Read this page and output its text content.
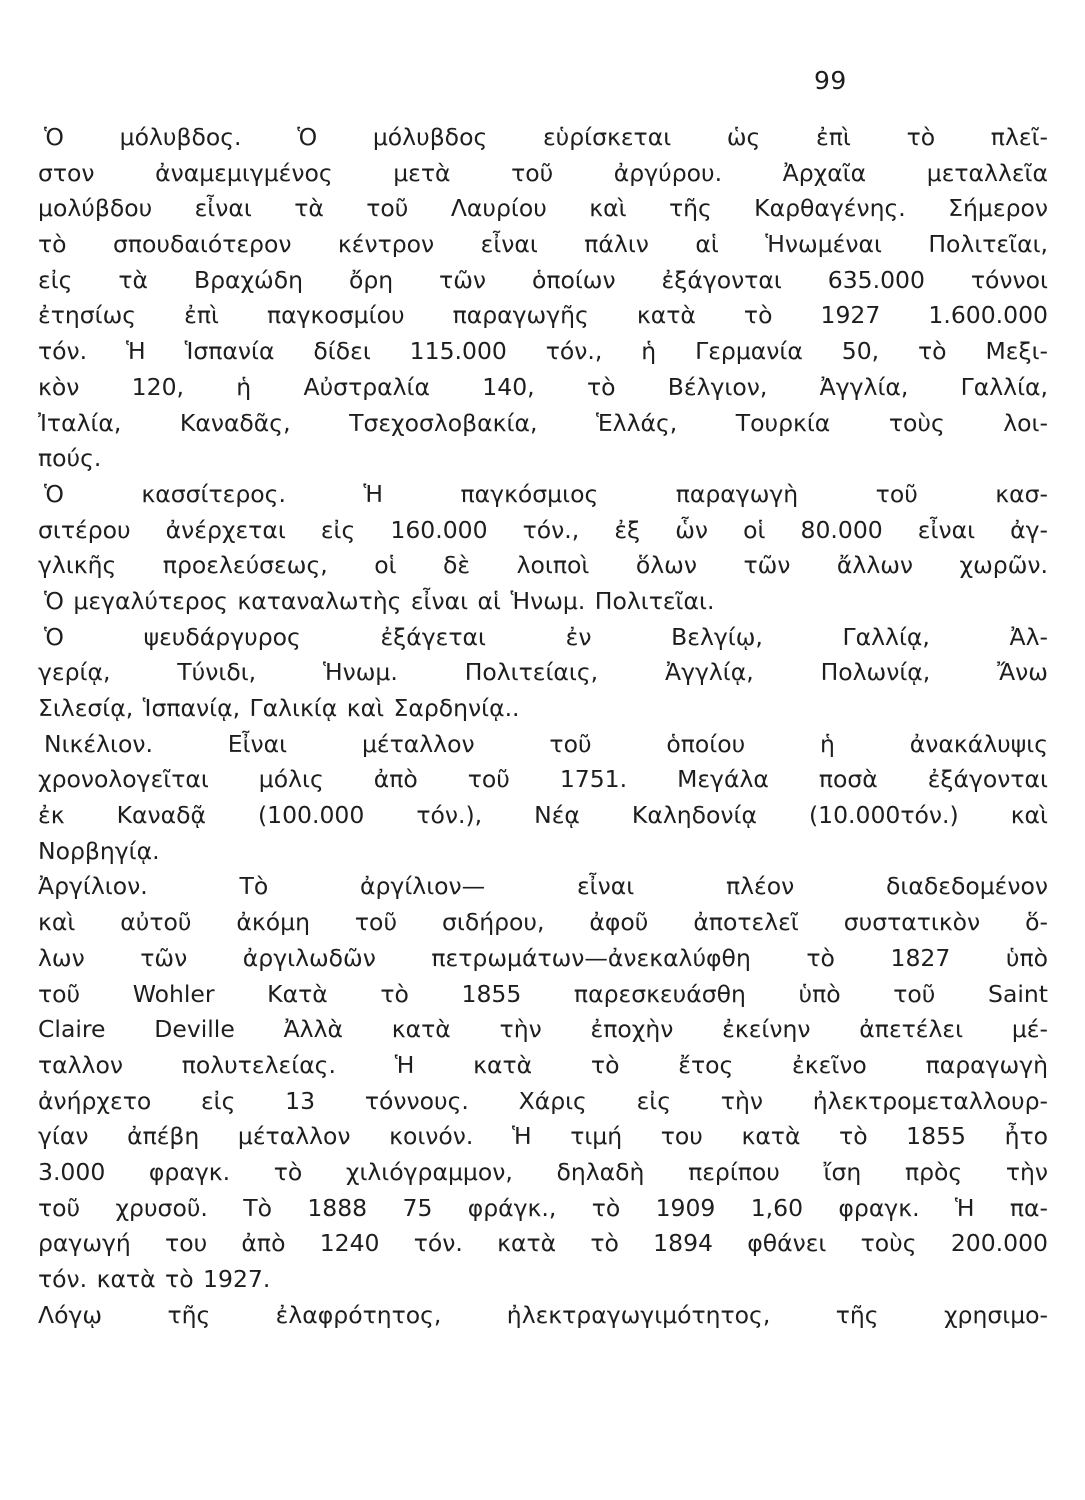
99
Ὁ μόλυβδος. Ὁ μόλυβδος εὑρίσκεται ὡς ἐπὶ τὸ πλεῖ-
στον ἀναμεμιγμένος μετὰ τοῦ ἀργύρου. Ἀρχαῖα μεταλλεῖα
μολύβδου εἶναι τὰ τοῦ Λαυρίου καὶ τῆς Καρθαγένης. Σήμερον
τὸ σπουδαιότερον κέντρον εἶναι πάλιν αἱ Ἡνωμέναι Πολιτεῖαι,
εἰς τὰ Βραχώδη ὄρη τῶν ὁποίων ἐξάγονται 635.000 τόννοι
ἐτησίως ἐπὶ παγκοσμίου παραγωγῆς κατὰ τὸ 1927 1.600.000
τόν. Ἡ Ἱσπανία δίδει 115.000 τόν., ἡ Γερμανία 50, τὸ Μεξι-
κὸν 120, ἡ Αὐστραλία 140, τὸ Βέλγιον, Ἀγγλία, Γαλλία,
Ἰταλία, Καναδᾶς, Τσεχοσλοβακία, Ἑλλάς, Τουρκία τοὺς λοι-
πούς.
Ὁ κασσίτερος. Ἡ παγκόσμιος παραγωγὴ τοῦ κασ-
σιτέρου ἀνέρχεται εἰς 160.000 τόν., ἐξ ὧν οἱ 80.000 εἶναι ἀγ-
γλικῆς προελεύσεως, οἱ δὲ λοιποὶ ὅλων τῶν ἄλλων χωρῶν.
Ὁ μεγαλύτερος καταναλωτὴς εἶναι αἱ Ἡνωμ. Πολιτεῖαι.
Ὁ ψευδάργυρος ἐξάγεται ἐν Βελγίῳ, Γαλλίᾳ, Ἀλ-
γερίᾳ, Τύνιδι, Ἡνωμ. Πολιτείαις, Ἀγγλίᾳ, Πολωνίᾳ, Ἄνω
Σιλεσίᾳ, Ἱσπανίᾳ, Γαλικίᾳ καὶ Σαρδηνίᾳ..
Νικέλιον. Εἶναι μέταλλον τοῦ ὁποίου ἡ ἀνακάλυψις
χρονολογεῖται μόλις ἀπὸ τοῦ 1751. Μεγάλα ποσὰ ἐξάγονται
ἐκ Καναδᾷ (100.000 τόν.), Νέᾳ Καληδονίᾳ (10.000τόν.) καὶ
Νορβηγίᾳ.
Ἀργίλιον. Τὸ ἀργίλιον— εἶναι πλέον διαδεδομένον
καὶ αὐτοῦ ἀκόμη τοῦ σιδήρου, ἀφοῦ ἀποτελεῖ συστατικὸν ὅ-
λων τῶν ἀργιλωδῶν πετρωμάτων—ἀνεκαλύφθη τὸ 1827 ὑπὸ
τοῦ Wohler Κατὰ τὸ 1855 παρεσκευάσθη ὑπὸ τοῦ Saint
Claire Deville Ἀλλὰ κατὰ τὴν ἐποχὴν ἐκείνην ἀπετέλει μέ-
ταλλον πολυτελείας. Ἡ κατὰ τὸ ἔτος ἐκεῖνο παραγωγὴ
ἀνήρχετο εἰς 13 τόννους. Χάρις εἰς τὴν ἠλεκτρομεταλλουρ-
γίαν ἀπέβη μέταλλον κοινόν. Ἡ τιμή του κατὰ τὸ 1855 ἦτο
3.000 φραγκ. τὸ χιλιόγραμμον, δηλαδὴ περίπου ἴση πρὸς τὴν
τοῦ χρυσοῦ. Τὸ 1888 75 φράγκ., τὸ 1909 1,60 φραγκ. Ἡ πα-
ραγωγή του ἀπὸ 1240 τόν. κατὰ τὸ 1894 φθάνει τοὺς 200.000
τόν. κατὰ τὸ 1927.
Λόγῳ τῆς ἐλαφρότητος, ἠλεκτραγωγιμότητος, τῆς χρησιμο-
